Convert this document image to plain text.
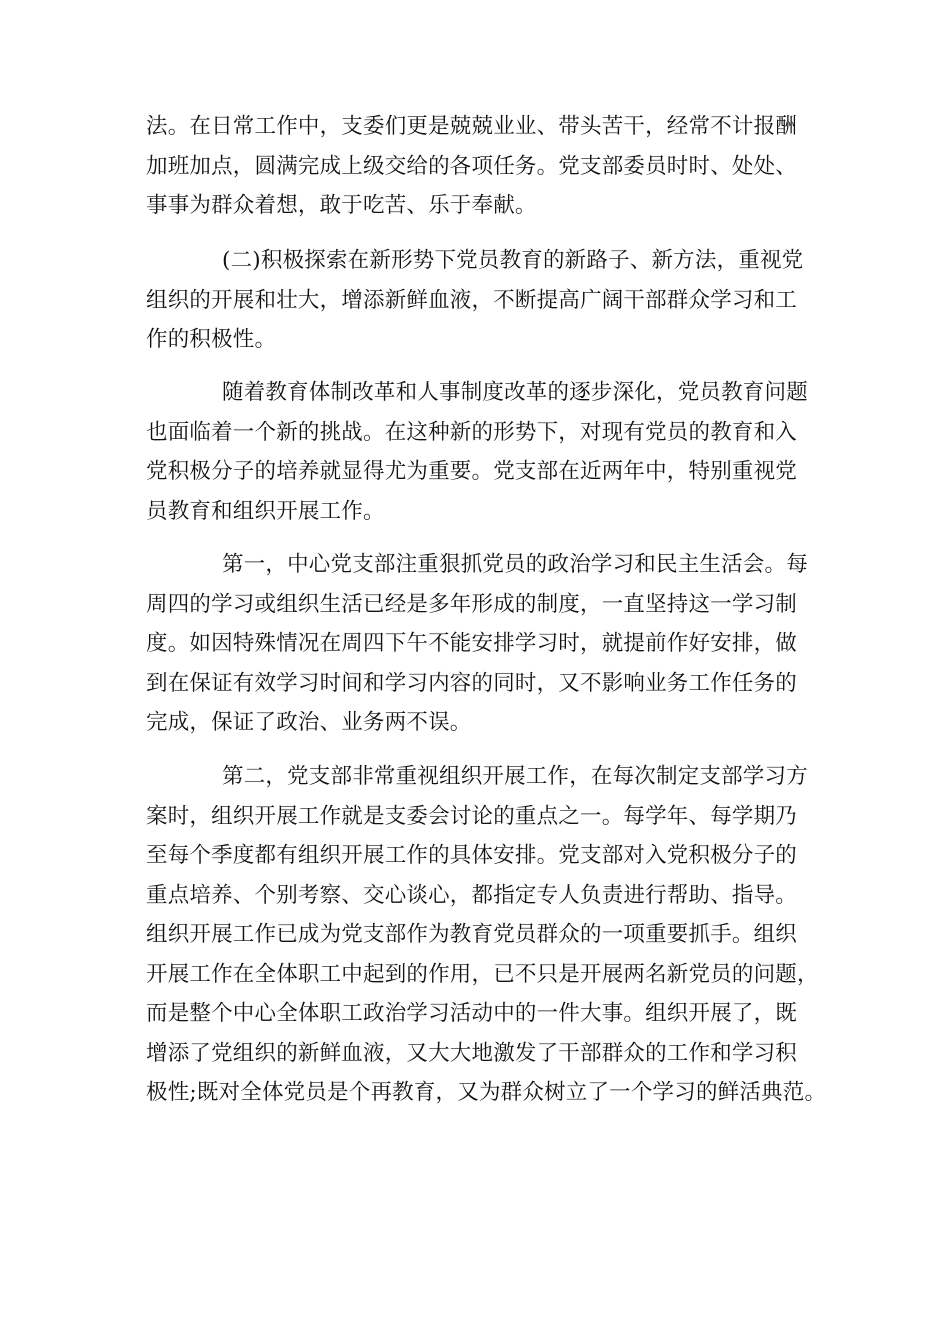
法。在日常工作中，支委们更是兢兢业业、带头苦干，经常不计报酬
加班加点，圆满完成上级交给的各项任务。党支部委员时时、处处、
事事为群众着想，敢于吃苦、乐于奉献。
(二)积极探索在新形势下党员教育的新路子、新方法，重视党
组织的开展和壮大，增添新鲜血液，不断提高广阔干部群众学习和工
作的积极性。
随着教育体制改革和人事制度改革的逐步深化，党员教育问题
也面临着一个新的挑战。在这种新的形势下，对现有党员的教育和入
党积极分子的培养就显得尤为重要。党支部在近两年中，特别重视党
员教育和组织开展工作。
第一，中心党支部注重狠抓党员的政治学习和民主生活会。每
周四的学习或组织生活已经是多年形成的制度，一直坚持这一学习制
度。如因特殊情况在周四下午不能安排学习时，就提前作好安排，做
到在保证有效学习时间和学习内容的同时，又不影响业务工作任务的
完成，保证了政治、业务两不误。
第二，党支部非常重视组织开展工作，在每次制定支部学习方
案时，组织开展工作就是支委会讨论的重点之一。每学年、每学期乃
至每个季度都有组织开展工作的具体安排。党支部对入党积极分子的
重点培养、个别考察、交心谈心，都指定专人负责进行帮助、指导。
组织开展工作已成为党支部作为教育党员群众的一项重要抓手。组织
开展工作在全体职工中起到的作用，已不只是开展两名新党员的问题，
而是整个中心全体职工政治学习活动中的一件大事。组织开展了，既
增添了党组织的新鲜血液，又大大地激发了干部群众的工作和学习积
极性;既对全体党员是个再教育，又为群众树立了一个学习的鲜活典范。
